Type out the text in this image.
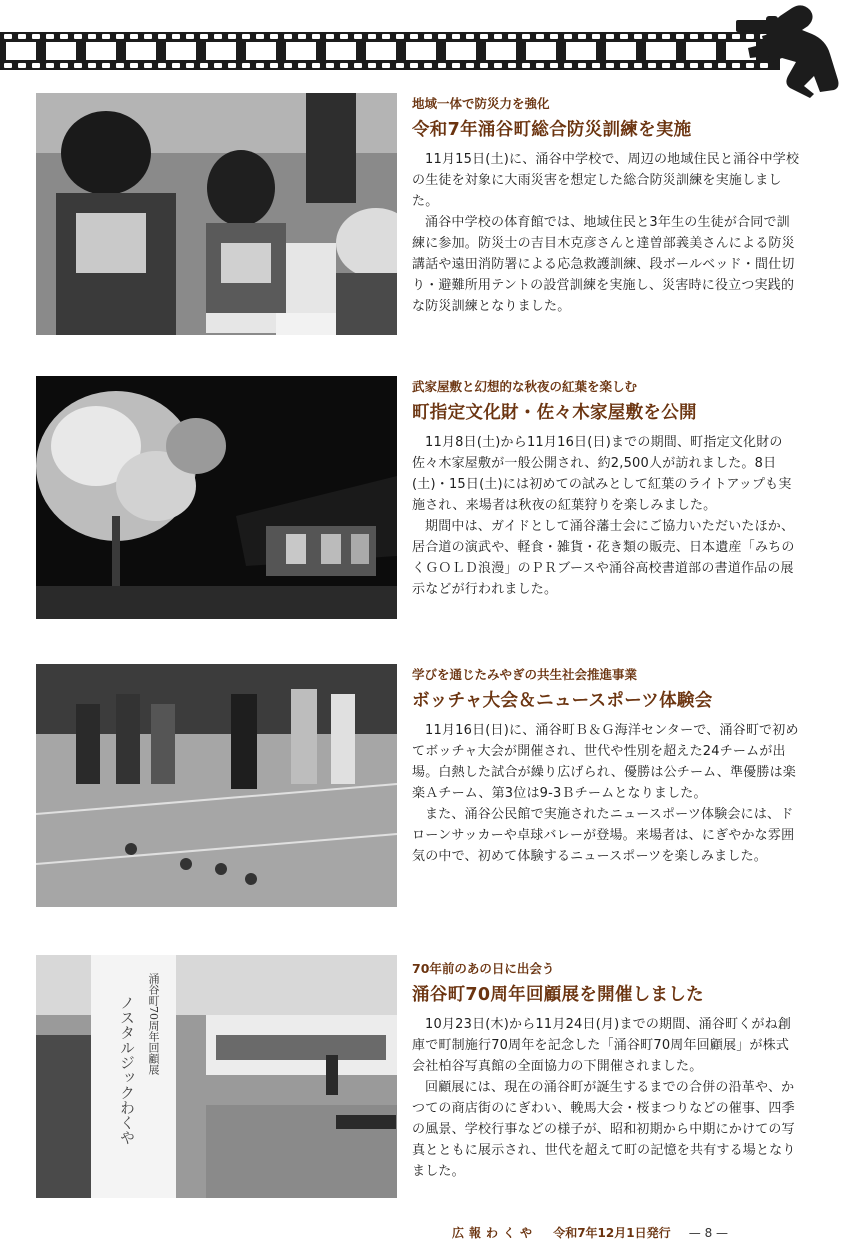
地域一体で防災力を強化
令和7年涌谷町総合防災訓練を実施

11月15日(土)に、涌谷中学校で、周辺の地域住民と涌谷中学校の生徒を対象に大雨災害を想定した総合防災訓練を実施しました。

涌谷中学校の体育館では、地域住民と3年生の生徒が合同で訓練に参加。防災士の吉目木克彦さんと達曽部義美さんによる防災講話や遠田消防署による応急救護訓練、段ボールベッド・間仕切り・避難所用テントの設営訓練を実施し、災害時に役立つ実践的な防災訓練となりました。

武家屋敷と幻想的な秋夜の紅葉を楽しむ
町指定文化財・佐々木家屋敷を公開

11月8日(土)から11月16日(日)までの期間、町指定文化財の佐々木家屋敷が一般公開され、約2,500人が訪れました。8日(土)・15日(土)には初めての試みとして紅葉のライトアップも実施され、来場者は秋夜の紅葉狩りを楽しみました。

期間中は、ガイドとして涌谷藩士会にご協力いただいたほか、居合道の演武や、軽食・雑貨・花き類の販売、日本遺産「みちのくＧＯＬＤ浪漫」のＰＲブースや涌谷高校書道部の書道作品の展示などが行われました。

学びを通じたみやぎの共生社会推進事業
ボッチャ大会＆ニュースポーツ体験会

11月16日(日)に、涌谷町Ｂ＆Ｇ海洋センターで、涌谷町で初めてボッチャ大会が開催され、世代や性別を超えた24チームが出場。白熱した試合が繰り広げられ、優勝は公チーム、準優勝は楽楽Ａチーム、第3位は9-3Ｂチームとなりました。

また、涌谷公民館で実施されたニュースポーツ体験会には、ドローンサッカーや卓球バレーが登場。来場者は、にぎやかな雰囲気の中で、初めて体験するニュースポーツを楽しみました。

涌谷町70周年回顧展
ノスタルジックわくや
70年前のあの日に出会う
涌谷町70周年回顧展を開催しました

10月23日(木)から11月24日(月)までの期間、涌谷町くがね創庫で町制施行70周年を記念した「涌谷町70周年回顧展」が株式会社柏谷写真館の全面協力の下開催されました。

回顧展には、現在の涌谷町が誕生するまでの合併の沿革や、かつての商店街のにぎわい、輓馬大会・桜まつりなどの催事、四季の風景、学校行事などの様子が、昭和初期から中期にかけての写真とともに展示され、世代を超えて町の記憶を共有する場となりました。

広報わくや 令和7年12月1日発行 — 8 —
